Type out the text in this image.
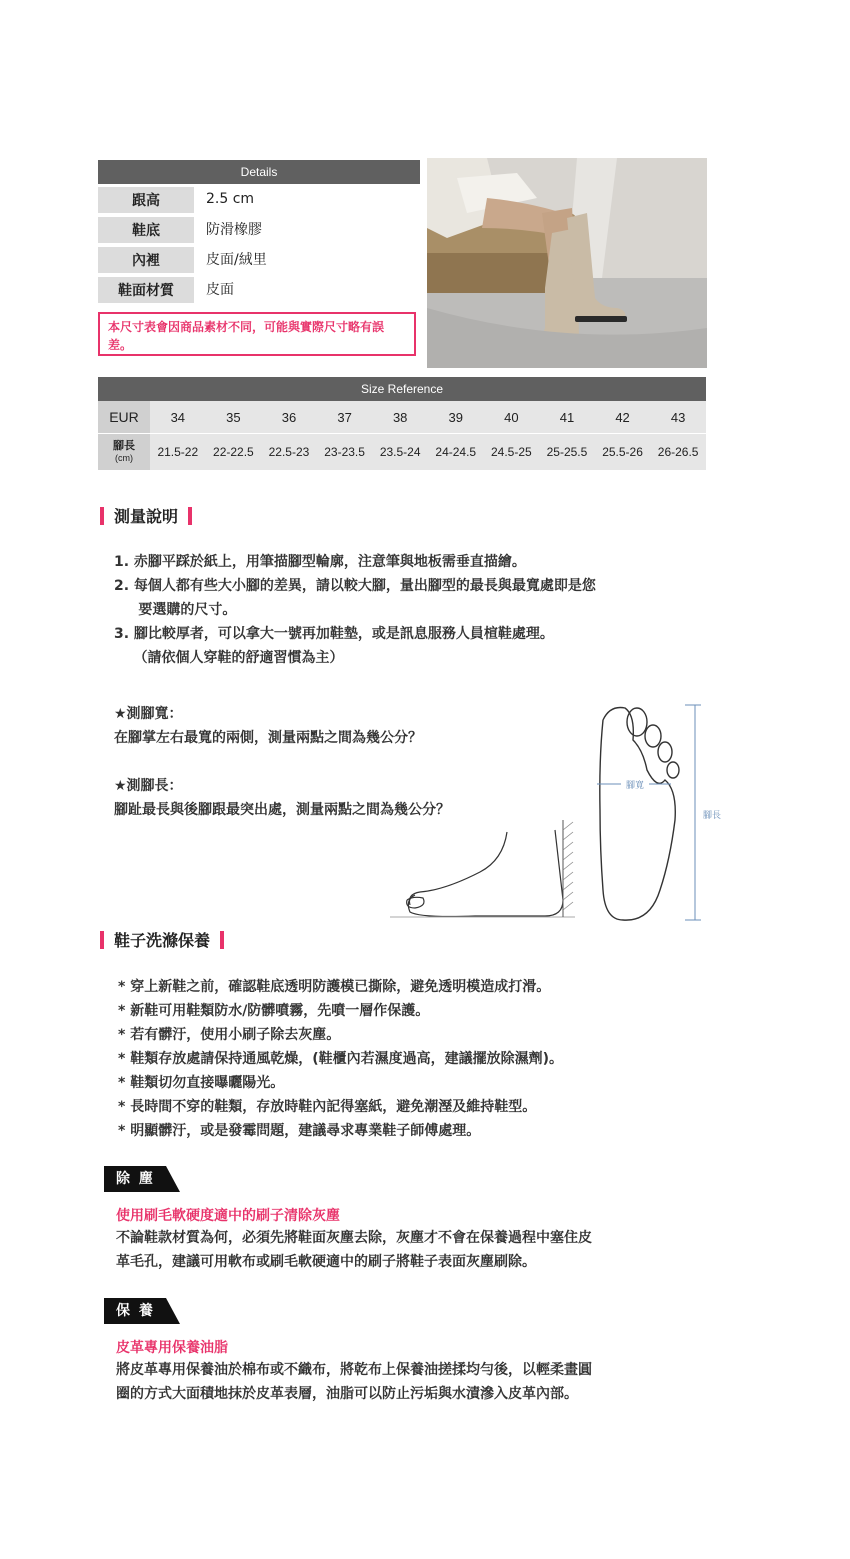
Details
跟高	2.5 cm
鞋底	防滑橡膠
內裡	皮面/絨里
鞋面材質	皮面
本尺寸表會因商品素材不同，可能與實際尺寸略有誤差。
Size Reference
EUR	34	35	36	37	38	39	40	41	42	43
腳長
(cm)	21.5-22	22-22.5	22.5-23	23-23.5	23.5-24	24-24.5	24.5-25	25-25.5	25.5-26	26-26.5
測量說明
1. 赤腳平踩於紙上，用筆描腳型輪廓，注意筆與地板需垂直描繪。
2. 每個人都有些大小腳的差異，請以較大腳，量出腳型的最長與最寬處即是您
要選購的尺寸。
3. 腳比較厚者，可以拿大一號再加鞋墊，或是訊息服務人員楦鞋處理。
（請依個人穿鞋的舒適習慣為主）
★測腳寬：
在腳掌左右最寬的兩側，測量兩點之間為幾公分？
★測腳長：
腳趾最長與後腳跟最突出處，測量兩點之間為幾公分？
腳寬
腳長
鞋子洗滌保養
* 穿上新鞋之前，確認鞋底透明防護模已撕除，避免透明模造成打滑。
* 新鞋可用鞋類防水/防髒噴霧，先噴一層作保護。
* 若有髒汙，使用小刷子除去灰塵。
* 鞋類存放處請保持通風乾燥，(鞋櫃內若濕度過高，建議擺放除濕劑)。
* 鞋類切勿直接曝曬陽光。
* 長時間不穿的鞋類，存放時鞋內記得塞紙，避免潮溼及維持鞋型。
* 明顯髒汙，或是發霉問題，建議尋求專業鞋子師傅處理。
除 塵
使用刷毛軟硬度適中的刷子清除灰塵
不論鞋款材質為何，必須先將鞋面灰塵去除，灰塵才不會在保養過程中塞住皮
革毛孔，建議可用軟布或刷毛軟硬適中的刷子將鞋子表面灰塵刷除。
保 養
皮革專用保養油脂
將皮革專用保養油於棉布或不織布，將乾布上保養油搓揉均勻後，以輕柔畫圓
圈的方式大面積地抹於皮革表層，油脂可以防止污垢與水漬滲入皮革內部。
